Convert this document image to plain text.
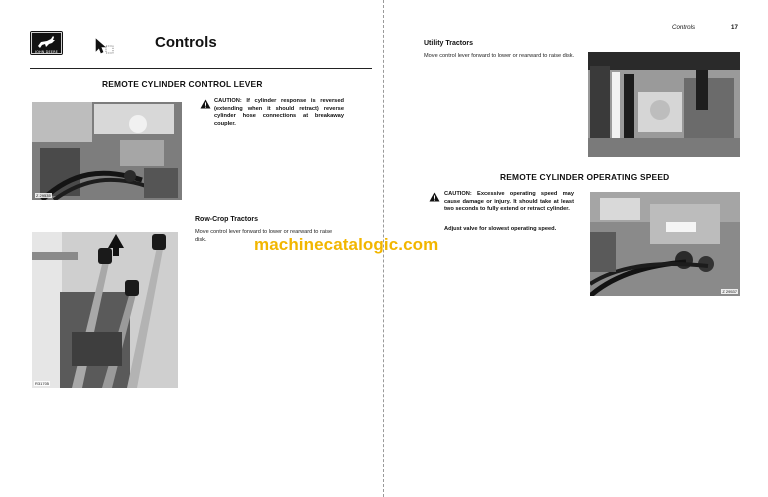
JOHN DEERE
Controls
REMOTE CYLINDER CONTROL LEVER
Z 29535

CAUTION: If cylinder response is reversed (extending when it should retract) reverse cylinder hose connections at breakaway coupler.

Row-Crop Tractors

Move control lever forward to lower or rearward to raise disk.

R31705

Controls	17

Utility Tractors

Move control lever forward to lower or rearward to raise disk.

REMOTE CYLINDER OPERATING SPEED

CAUTION: Excessive operating speed may cause damage or injury. It should take at least two seconds to fully extend or retract cylinder.

Adjust valve for slowest operating speed.

Z 29537

machinecatalogic.com
